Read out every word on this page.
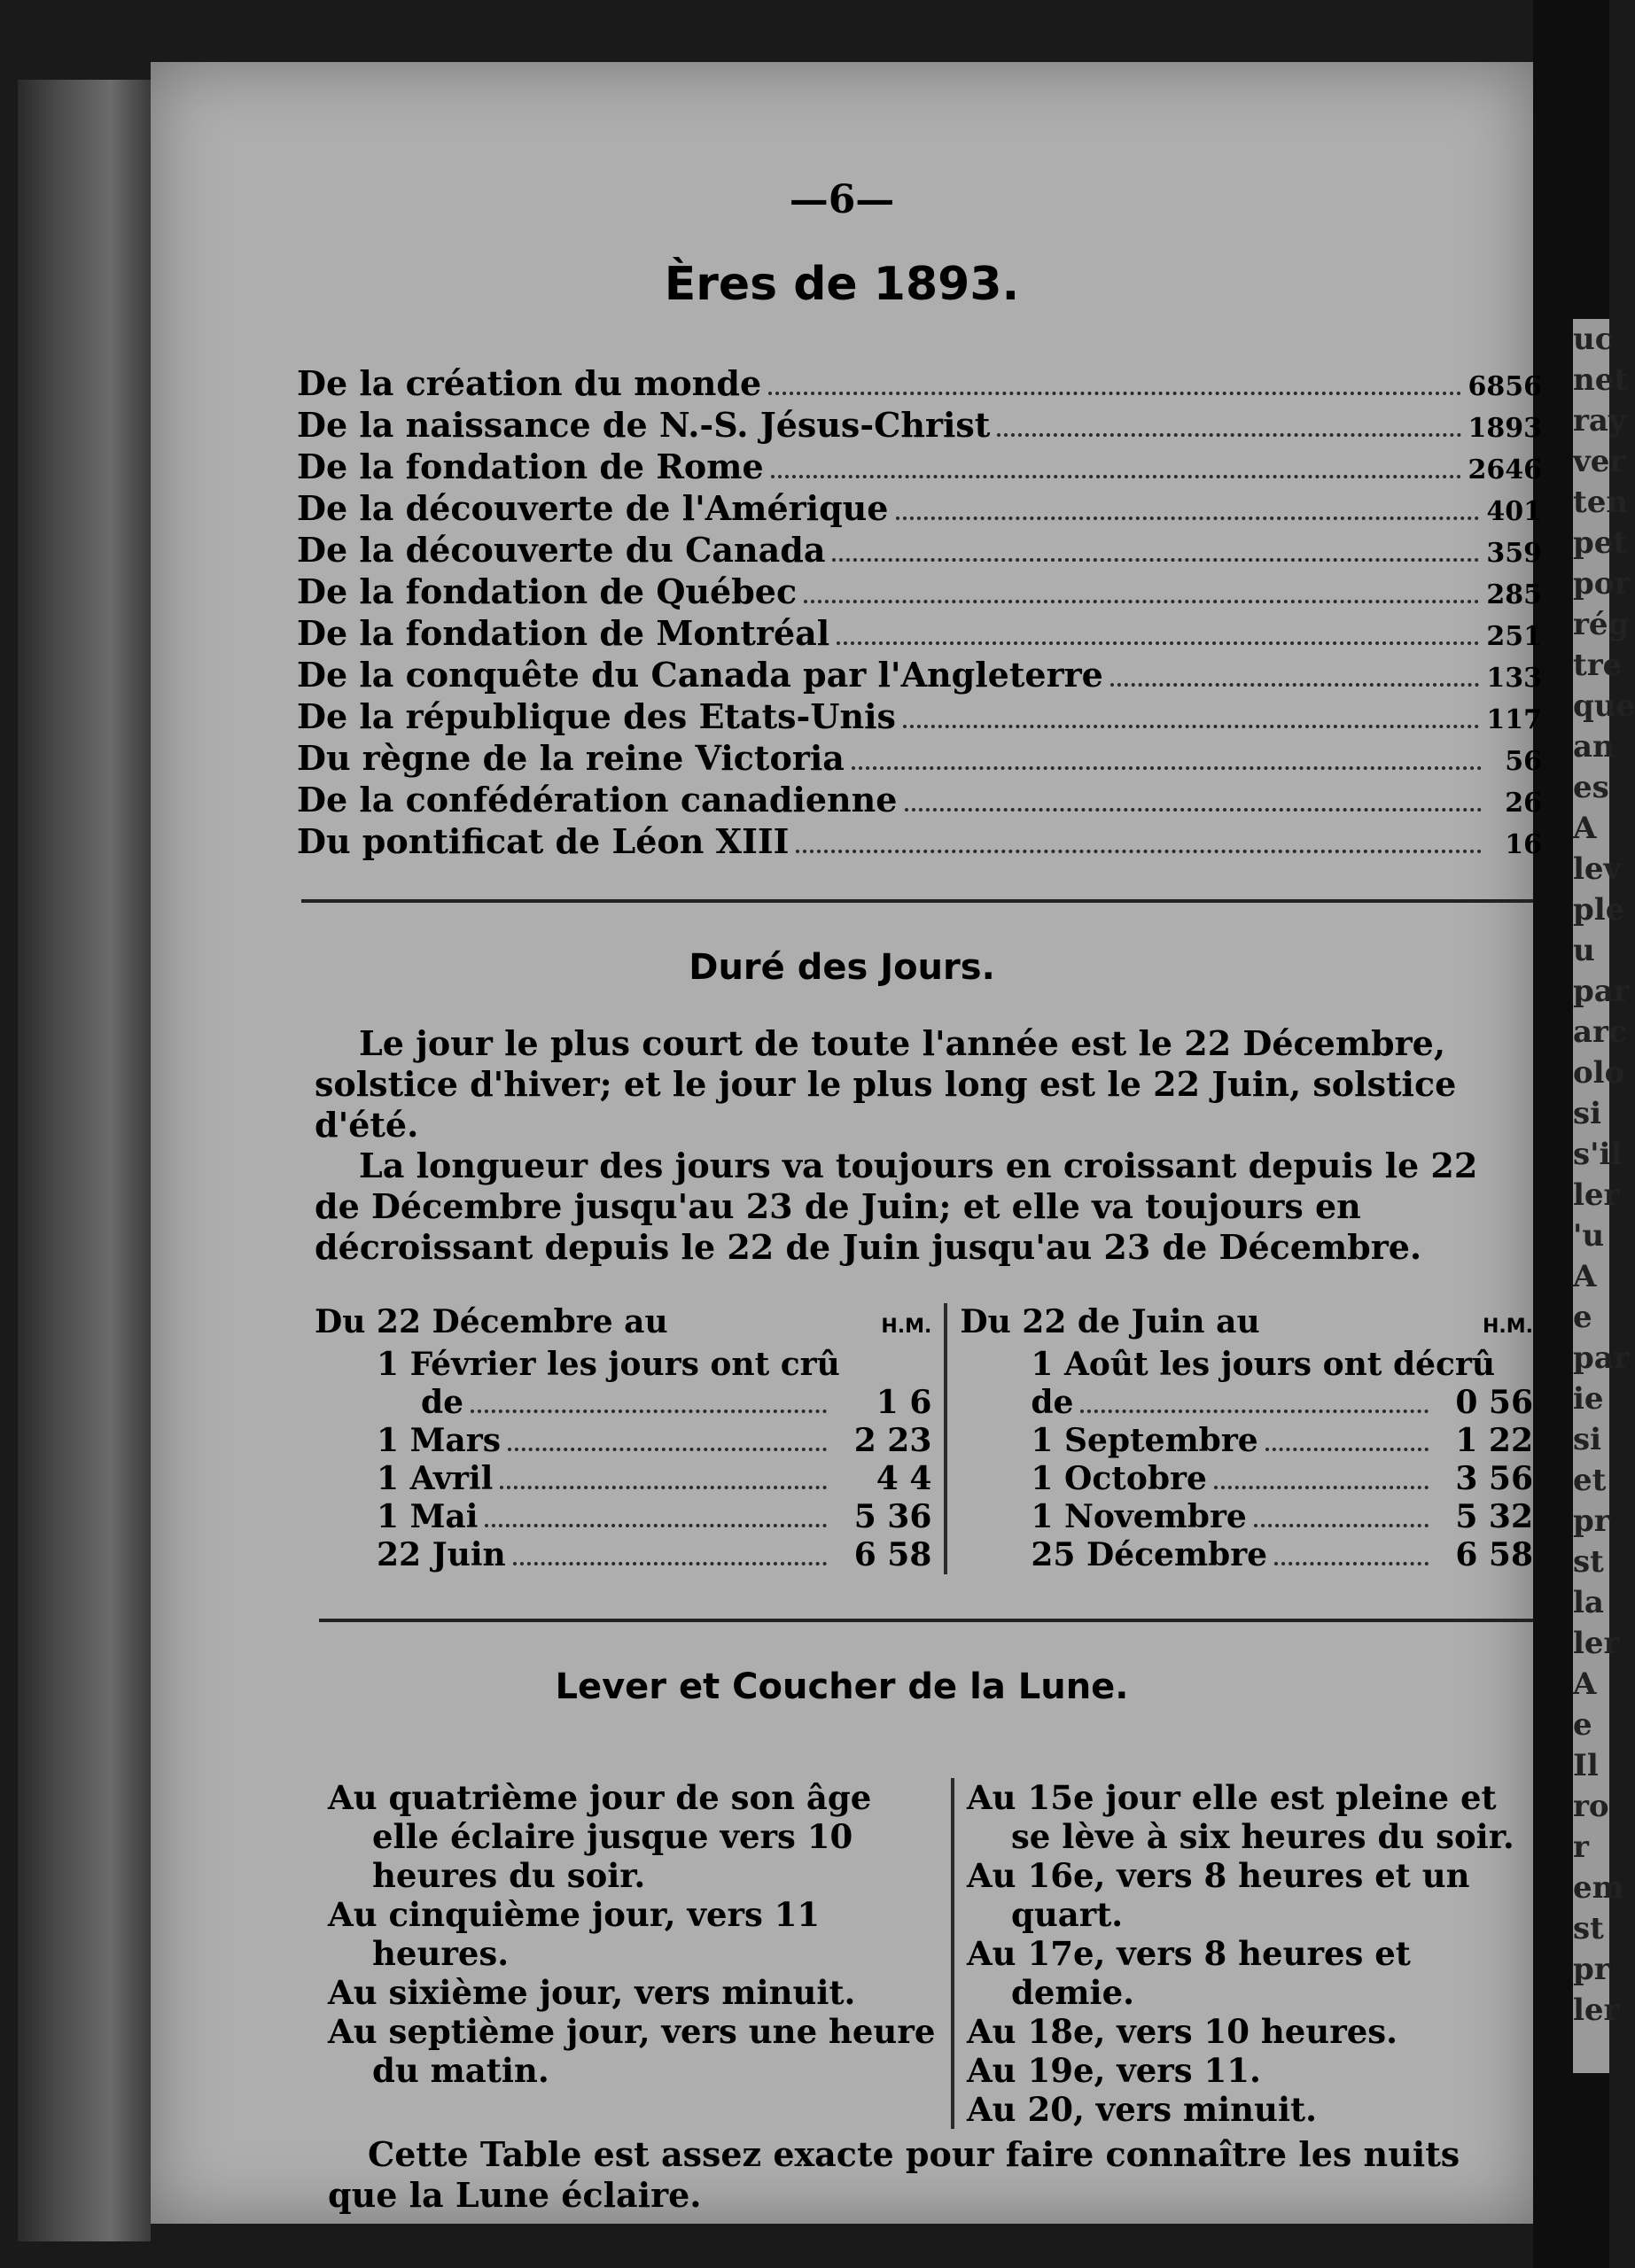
uc
net
ray
ver
ten
pet
por
rég
tre
que
an
es
A
lev
ple
u
par
arc
olo
si
s'il
ler
'u
A
e
par
ie
si
et
pr
st
la
ler
A
e
Il
ro
r
em
st
pr
ler
—6—
Ères de 1893.
De la création du monde	6856
De la naissance de N.-S. Jésus-Christ	1893
De la fondation de Rome	2646
De la découverte de l'Amérique	401
De la découverte du Canada	359
De la fondation de Québec	285
De la fondation de Montréal	251
De la conquête du Canada par l'Angleterre	133
De la république des Etats-Unis	117
Du règne de la reine Victoria	56
De la confédération canadienne	26
Du pontificat de Léon XIII	16
Duré des Jours.
Le jour le plus court de toute l'année est le 22 Décembre, solstice d'hiver; et le jour le plus long est le 22 Juin, solstice d'été.
La longueur des jours va toujours en croissant depuis le 22 de Décembre jusqu'au 23 de Juin; et elle va toujours en décroissant depuis le 22 de Juin jusqu'au 23 de Décembre.
Du 22 Décembre au	H.M.
1 Février les jours ont crû
de	1 6
1 Mars	2 23
1 Avril	4 4
1 Mai	5 36
22 Juin	6 58
Du 22 de Juin au	H.M.
1 Août les jours ont décrû
de	0 56
1 Septembre	1 22
1 Octobre	3 56
1 Novembre	5 32
25 Décembre	6 58
Lever et Coucher de la Lune.
Au quatrième jour de son âge elle éclaire jusque vers 10 heures du soir.
Au cinquième jour, vers 11 heures.
Au sixième jour, vers minuit.
Au septième jour, vers une heure du matin.
Au 15e jour elle est pleine et se lève à six heures du soir.
Au 16e, vers 8 heures et un quart.
Au 17e, vers 8 heures et demie.
Au 18e, vers 10 heures.
Au 19e, vers 11.
Au 20, vers minuit.
Cette Table est assez exacte pour faire connaître les nuits que la Lune éclaire.
